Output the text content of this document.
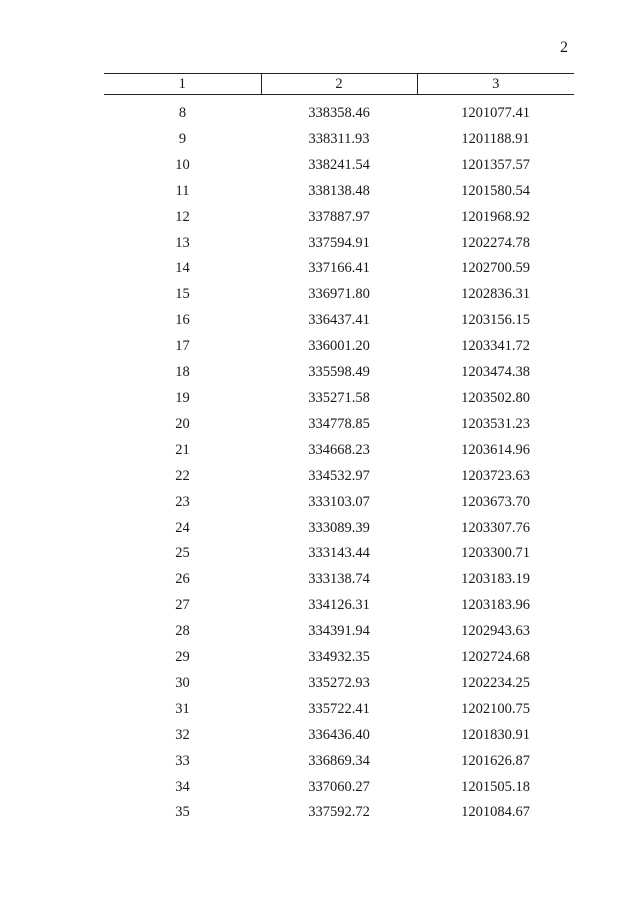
2
1	2	3
8	338358.46	1201077.41
9	338311.93	1201188.91
10	338241.54	1201357.57
11	338138.48	1201580.54
12	337887.97	1201968.92
13	337594.91	1202274.78
14	337166.41	1202700.59
15	336971.80	1202836.31
16	336437.41	1203156.15
17	336001.20	1203341.72
18	335598.49	1203474.38
19	335271.58	1203502.80
20	334778.85	1203531.23
21	334668.23	1203614.96
22	334532.97	1203723.63
23	333103.07	1203673.70
24	333089.39	1203307.76
25	333143.44	1203300.71
26	333138.74	1203183.19
27	334126.31	1203183.96
28	334391.94	1202943.63
29	334932.35	1202724.68
30	335272.93	1202234.25
31	335722.41	1202100.75
32	336436.40	1201830.91
33	336869.34	1201626.87
34	337060.27	1201505.18
35	337592.72	1201084.67
